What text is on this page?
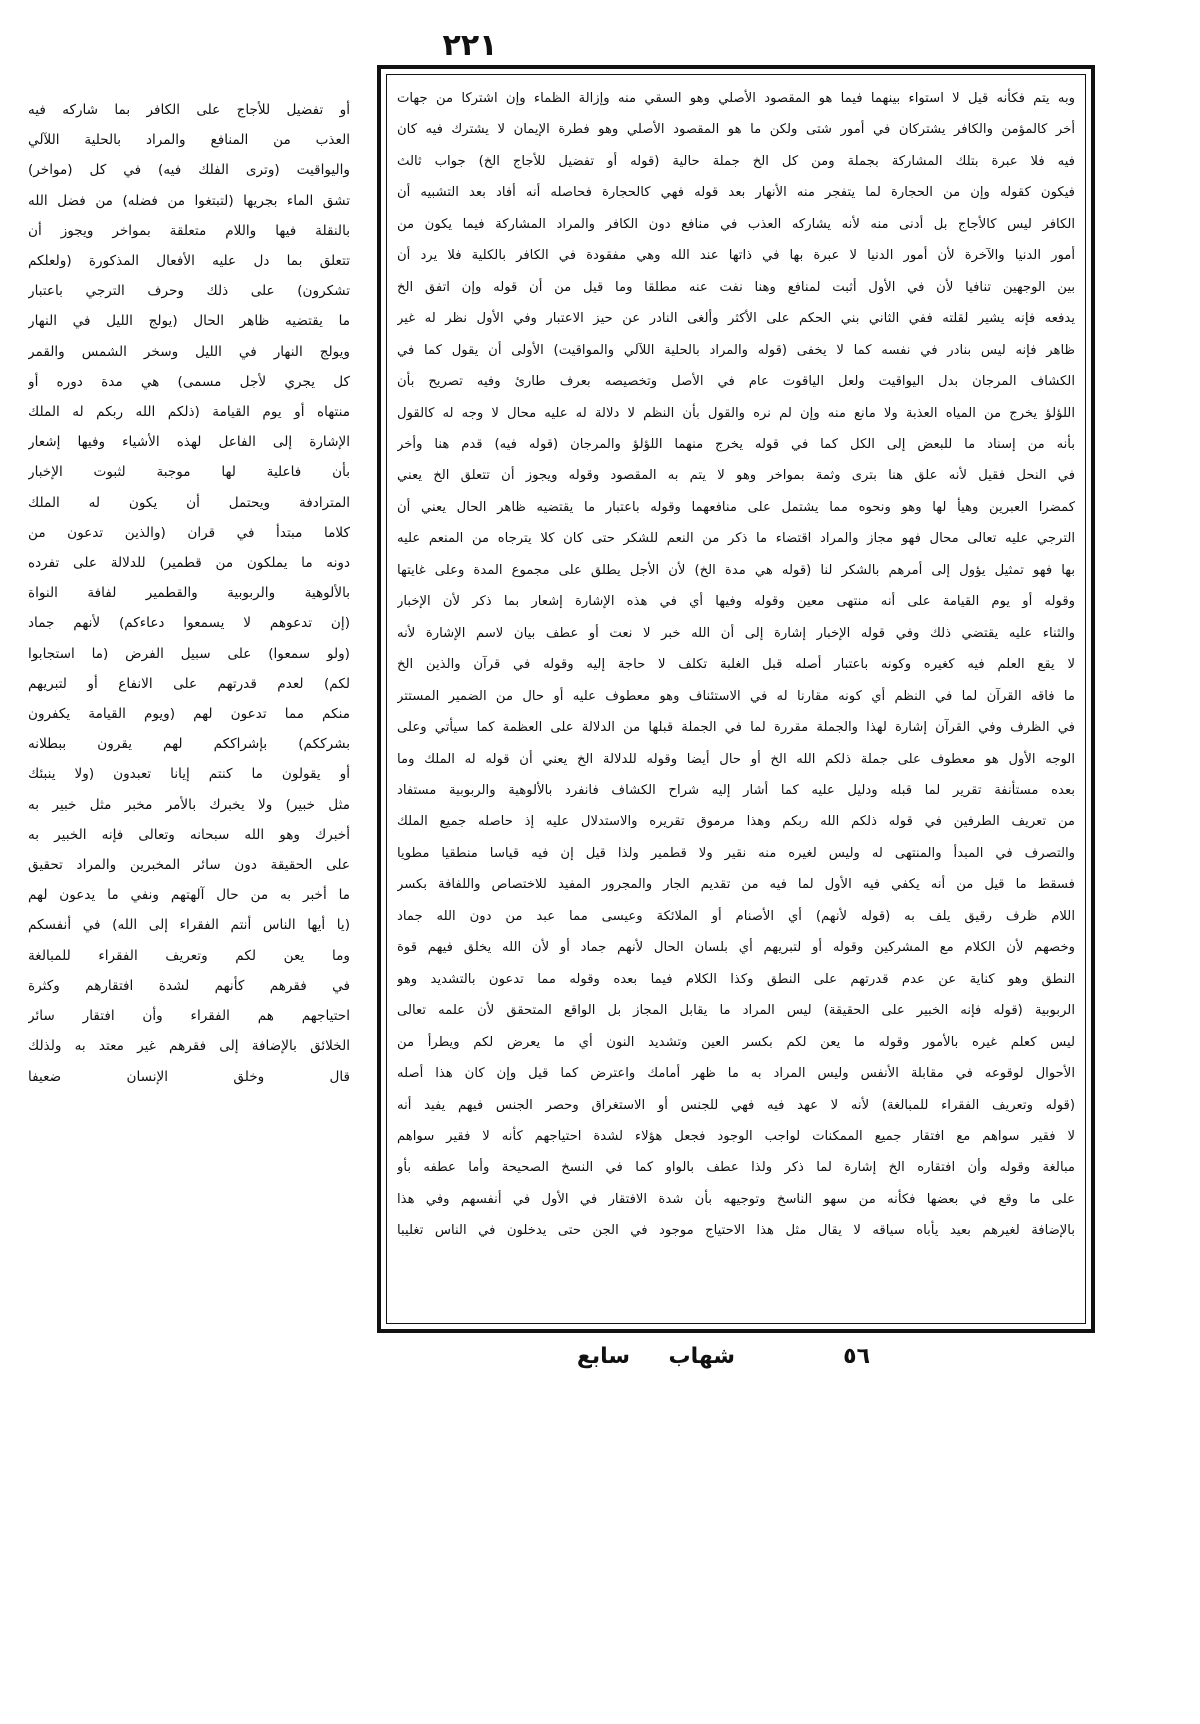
٢٢١
أو تفضيل للأجاج على الكافر بما شاركه فيه
العذب من المنافع والمراد بالحلية اللآلي
واليواقيت (وترى الفلك فيه) في كل (مواخر)
تشق الماء بجريها (لتبتغوا من فضله) من فضل الله
بالنقلة فيها واللام متعلقة بمواخر ويجوز أن
تتعلق بما دل عليه الأفعال المذكورة (ولعلكم
تشكرون) على ذلك وحرف الترجي باعتبار
ما يقتضيه ظاهر الحال (يولج الليل في النهار
ويولج النهار في الليل وسخر الشمس والقمر
كل يجري لأجل مسمى) هي مدة دوره أو
منتهاه أو يوم القيامة (ذلكم الله ربكم له الملك
الإشارة إلى الفاعل لهذه الأشياء وفيها إشعار
بأن فاعلية لها موجبة لثبوت الإخبار
المترادفة ويحتمل أن يكون له الملك
كلاما مبتدأ في قران (والذين تدعون من
دونه ما يملكون من قطمير) للدلالة على تفرده
بالألوهية والربوبية والقطمير لفافة النواة
(إن تدعوهم لا يسمعوا دعاءكم) لأنهم جماد
(ولو سمعوا) على سبيل الفرض (ما استجابوا
لكم) لعدم قدرتهم على الانفاع أو لتبريهم
منكم مما تدعون لهم (ويوم القيامة يكفرون
بشرككم) بإشراككم لهم يقرون ببطلانه
أو يقولون ما كنتم إيانا تعبدون (ولا ينبئك
مثل خبير) ولا يخبرك بالأمر مخبر مثل خبير به
أخبرك وهو الله سبحانه وتعالى فإنه الخبير به
على الحقيقة دون سائر المخبرين والمراد تحقيق
ما أخبر به من حال آلهتهم ونفي ما يدعون لهم
(يا أيها الناس أنتم الفقراء إلى الله) في أنفسكم
وما يعن لكم وتعريف الفقراء للمبالغة
في فقرهم كأنهم لشدة افتقارهم وكثرة
احتياجهم هم الفقراء وأن افتقار سائر
الخلائق بالإضافة إلى فقرهم غير معتد به ولذلك
قال وخلق الإنسان ضعيفا
وبه يتم فكأنه قيل لا استواء بينهما فيما هو المقصود الأصلي وهو السقي منه وإزالة الظماء وإن اشتركا من جهات
أخر كالمؤمن والكافر يشتركان في أمور شتى ولكن ما هو المقصود الأصلي وهو فطرة الإيمان لا يشترك فيه كان
فيه فلا عبرة بتلك المشاركة بجملة ومن كل الخ جملة حالية (قوله أو تفضيل للأجاج الخ) جواب ثالث
فيكون كقوله وإن من الحجارة لما يتفجر منه الأنهار بعد قوله فهي كالحجارة فحاصله أنه أفاد بعد التشبيه أن
الكافر ليس كالأجاج بل أدنى منه لأنه يشاركه العذب في منافع دون الكافر والمراد المشاركة فيما يكون من
أمور الدنيا والآخرة لأن أمور الدنيا لا عبرة بها في ذاتها عند الله وهي مفقودة في الكافر بالكلية فلا يرد أن
بين الوجهين تنافيا لأن في الأول أثبت لمنافع وهنا نفت عنه مطلقا وما قيل من أن قوله وإن اتفق الخ
يدفعه فإنه يشير لقلته ففي الثاني بني الحكم على الأكثر وألغى النادر عن حيز الاعتبار وفي الأول نظر له غير
ظاهر فإنه ليس بنادر في نفسه كما لا يخفى (قوله والمراد بالحلية اللآلي والمواقيت) الأولى أن يقول كما في
الكشاف المرجان بدل اليواقيت ولعل الياقوت عام في الأصل وتخصيصه بعرف طارئ وفيه تصريح بأن
اللؤلؤ يخرج من المياه العذبة ولا مانع منه وإن لم نره والقول بأن النظم لا دلالة له عليه محال لا وجه له كالقول
بأنه من إسناد ما للبعض إلى الكل كما في قوله يخرج منهما اللؤلؤ والمرجان (قوله فيه) قدم هنا وأخر
في النحل فقيل لأنه علق هنا بترى وثمة بمواخر وهو لا يتم به المقصود وقوله ويجوز أن تتعلق الخ يعني
كمضرا العبرين وهيأ لها وهو ونحوه مما يشتمل على منافعهما وقوله باعتبار ما يقتضيه ظاهر الحال يعني أن
الترجي عليه تعالى محال فهو مجاز والمراد اقتضاء ما ذكر من النعم للشكر حتى كان كلا يترجاه من المنعم عليه
بها فهو تمثيل يؤول إلى أمرهم بالشكر لنا (قوله هي مدة الخ) لأن الأجل يطلق على مجموع المدة وعلى غايتها
وقوله أو يوم القيامة على أنه منتهى معين وقوله وفيها أي في هذه الإشارة إشعار بما ذكر لأن الإخبار
والثناء عليه يقتضي ذلك وفي قوله الإخبار إشارة إلى أن الله خبر لا نعت أو عطف بيان لاسم الإشارة لأنه
لا يقع العلم فيه كغيره وكونه باعتبار أصله قبل الغلبة تكلف لا حاجة إليه وقوله في قرآن والذين الخ
ما فاقه القرآن لما في النظم أي كونه مقارنا له في الاستئناف وهو معطوف عليه أو حال من الضمير المستتر
في الظرف وفي القرآن إشارة لهذا والجملة مقررة لما في الجملة قبلها من الدلالة على العظمة كما سيأتي وعلى
الوجه الأول هو معطوف على جملة ذلكم الله الخ أو حال أيضا وقوله للدلالة الخ يعني أن قوله له الملك وما
بعده مستأنفة تقرير لما قبله ودليل عليه كما أشار إليه شراح الكشاف فانفرد بالألوهية والربوبية مستفاد
من تعريف الطرفين في قوله ذلكم الله ربكم وهذا مرموق تقريره والاستدلال عليه إذ حاصله جميع الملك
والتصرف في المبدأ والمنتهى له وليس لغيره منه نقير ولا قطمير ولذا قيل إن فيه قياسا منطقيا مطويا
فسقط ما قيل من أنه يكفي فيه الأول لما فيه من تقديم الجار والمجرور المفيد للاختصاص واللفافة بكسر
اللام ظرف رقيق يلف به (قوله لأنهم) أي الأصنام أو الملائكة وعيسى مما عبد من دون الله جماد
وخصهم لأن الكلام مع المشركين وقوله أو لتبريهم أي بلسان الحال لأنهم جماد أو لأن الله يخلق فيهم قوة
النطق وهو كناية عن عدم قدرتهم على النطق وكذا الكلام فيما بعده وقوله مما تدعون بالتشديد وهو
الربوبية (قوله فإنه الخبير على الحقيقة) ليس المراد ما يقابل المجاز بل الواقع المتحقق لأن علمه تعالى
ليس كعلم غيره بالأمور وقوله ما يعن لكم بكسر العين وتشديد النون أي ما يعرض لكم ويطرأ من
الأحوال لوقوعه في مقابلة الأنفس وليس المراد به ما ظهر أمامك واعترض كما قيل وإن كان هذا أصله
(قوله وتعريف الفقراء للمبالغة) لأنه لا عهد فيه فهي للجنس أو الاستغراق وحصر الجنس فيهم يفيد أنه
لا فقير سواهم مع افتقار جميع الممكنات لواجب الوجود فجعل هؤلاء لشدة احتياجهم كأنه لا فقير سواهم
مبالغة وقوله وأن افتقاره الخ إشارة لما ذكر ولذا عطف بالواو كما في النسخ الصحيحة وأما عطفه بأو
على ما وقع في بعضها فكأنه من سهو الناسخ وتوجيهه بأن شدة الافتقار في الأول في أنفسهم وفي هذا
بالإضافة لغيرهم بعيد يأباه سياقه لا يقال مثل هذا الاحتياج موجود في الجن حتى يدخلون في الناس تغليبا
٥٦
شهاب
سابع
